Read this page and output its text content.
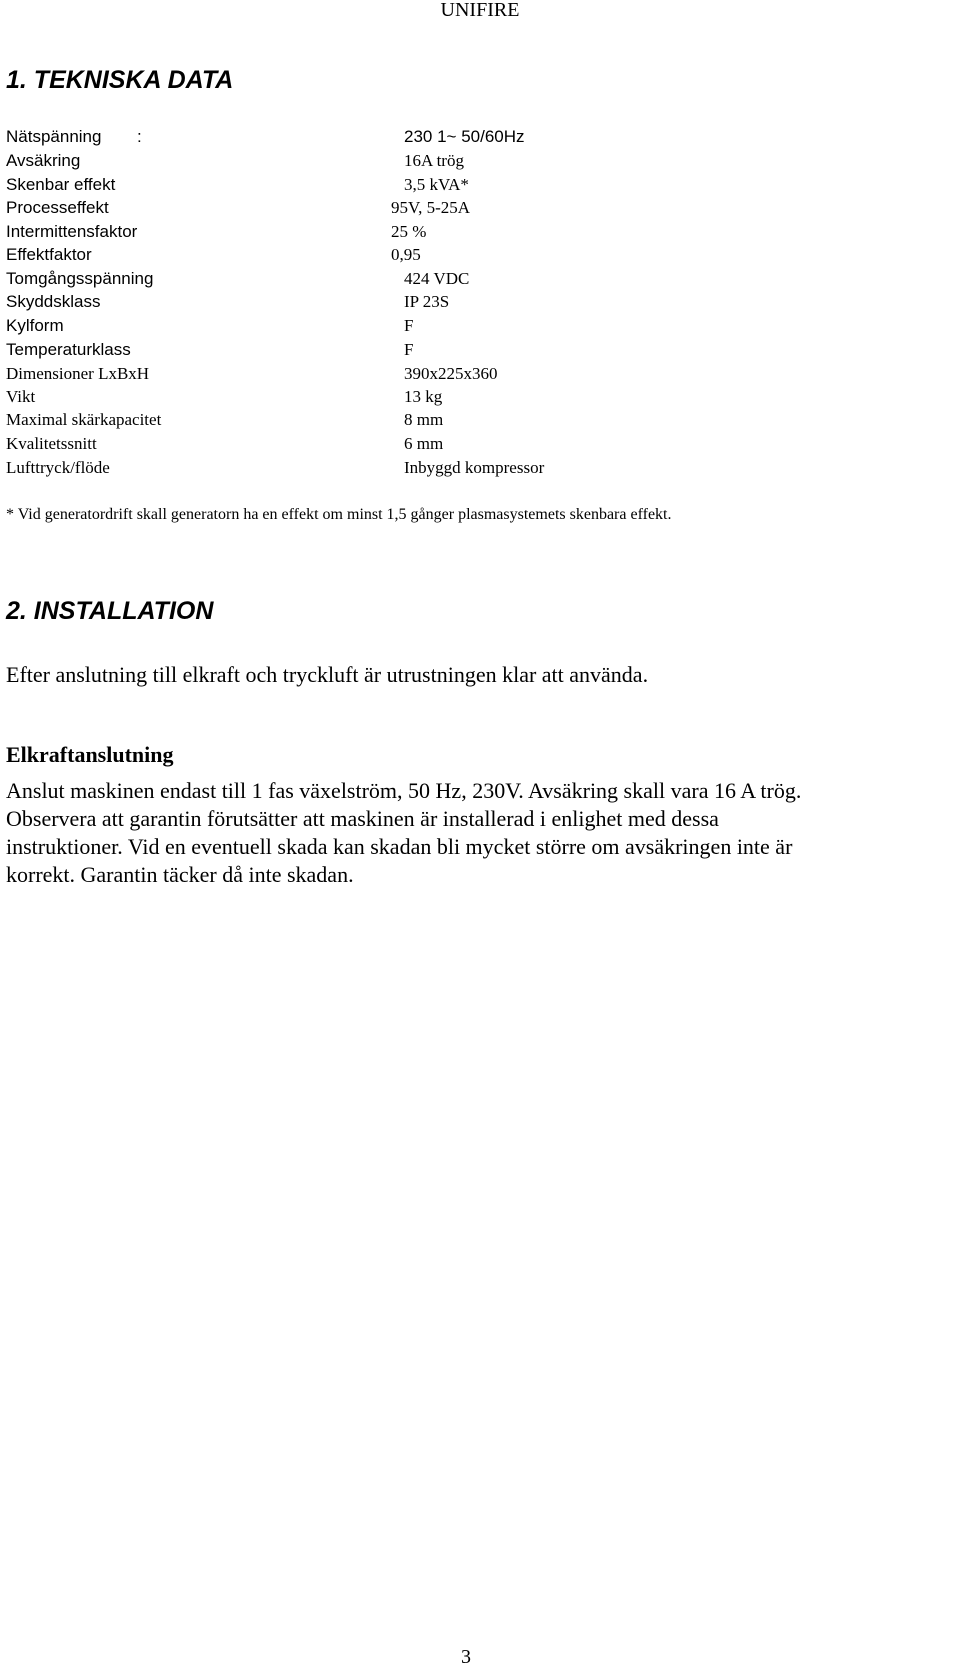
UNIFIRE
1. TEKNISKA DATA
Nätspänning :	230 1~ 50/60Hz
Avsäkring	16A trög
Skenbar effekt	3,5 kVA*
Processeffekt	95V, 5-25A
Intermittensfaktor	25 %
Effektfaktor	0,95
Tomgångsspänning	424 VDC
Skyddsklass	IP 23S
Kylform	F
Temperaturklass	F
Dimensioner LxBxH	390x225x360
Vikt	13 kg
Maximal skärkapacitet	8 mm
Kvalitetssnitt	6 mm
Lufttryck/flöde	Inbyggd kompressor
* Vid generatordrift skall generatorn ha en effekt om minst 1,5 gånger plasmasystemets skenbara effekt.
2. INSTALLATION
Efter anslutning till elkraft och tryckluft är utrustningen klar att använda.
Elkraftanslutning
Anslut maskinen endast till 1 fas växelström, 50 Hz, 230V. Avsäkring skall vara 16 A trög.
Observera att garantin förutsätter att maskinen är installerad i enlighet med dessa
instruktioner. Vid en eventuell skada kan skadan bli mycket större om avsäkringen inte är
korrekt. Garantin täcker då inte skadan.
3
